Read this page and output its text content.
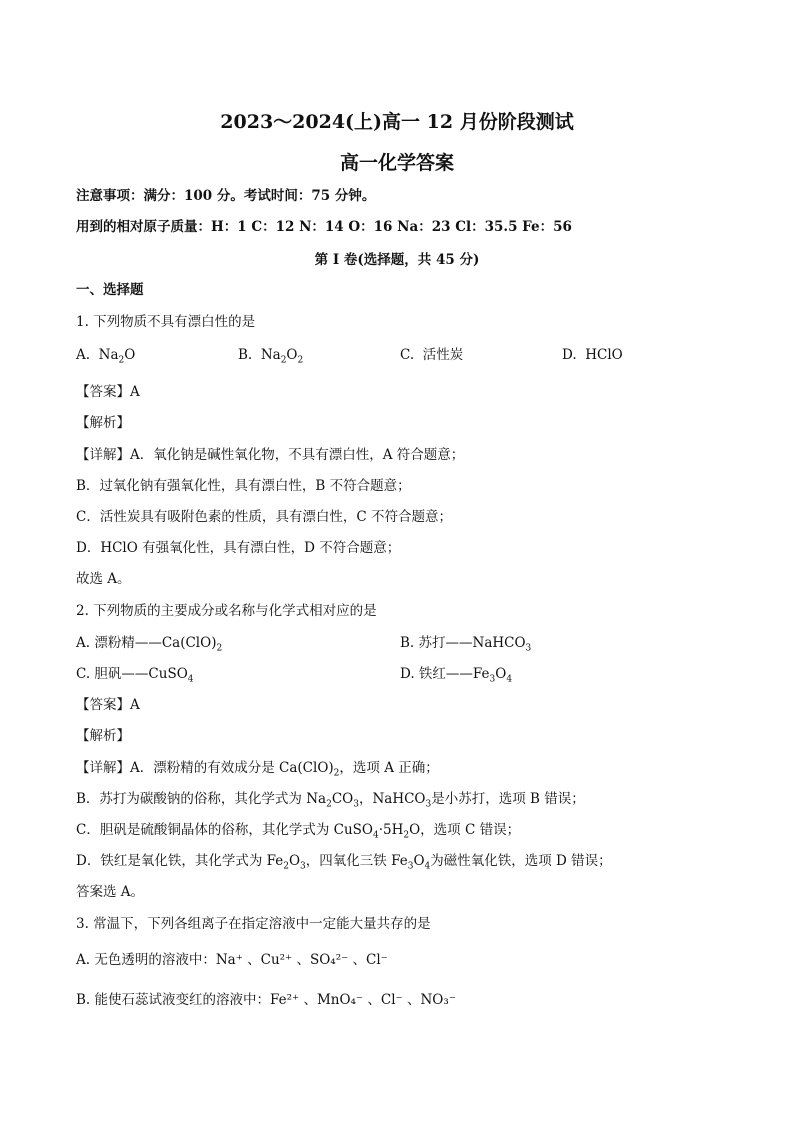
2023～2024(上)高一 12 月份阶段测试
高一化学答案
注意事项：满分：100 分。考试时间：75 分钟。
用到的相对原子质量：H：1 C：12 N：14 O：16 Na：23 Cl：35.5 Fe：56
第 I 卷(选择题，共 45 分)
一、选择题
1. 下列物质不具有漂白性的是
A. $Na_2O$	B. $Na_2O_2$	C. 活性炭	D. HClO
【答案】A
【解析】
【详解】A．氧化钠是碱性氧化物，不具有漂白性，A 符合题意；
B．过氧化钠有强氧化性，具有漂白性，B 不符合题意；
C．活性炭具有吸附色素的性质，具有漂白性，C 不符合题意；
D．HClO 有强氧化性，具有漂白性，D 不符合题意；
故选 A。
2. 下列物质的主要成分或名称与化学式相对应的是
A. 漂粉精$——Ca(ClO)_2$	B. 苏打——NaHCO$_3$
C. 胆矾——CuSO$_4$	D. 铁红$——Fe_3O_4$
【答案】A
【解析】
【详解】A．漂粉精的有效成分是 $Ca(ClO)_2$，选项 A 正确；
B．苏打为碳酸钠的俗称，其化学式为 $Na_2CO_3$，NaHCO$_3$是小苏打，选项 B 错误；
C．胆矾是硫酸铜晶体的俗称，其化学式为 $CuSO_4\cdot 5H_2O$，选项 C 错误；
D．铁红是氧化铁，其化学式为 $Fe_2O_3$，四氧化三铁 $Fe_3O_4$为磁性氧化铁，选项 D 错误；
答案选 A。
3. 常温下，下列各组离子在指定溶液中一定能大量共存的是
A. 无色透明的溶液中：Na⁺ 、Cu²⁺ 、SO₄²⁻ 、Cl⁻
B. 能使石蕊试液变红的溶液中：Fe²⁺ 、MnO₄⁻ 、Cl⁻ 、NO₃⁻
